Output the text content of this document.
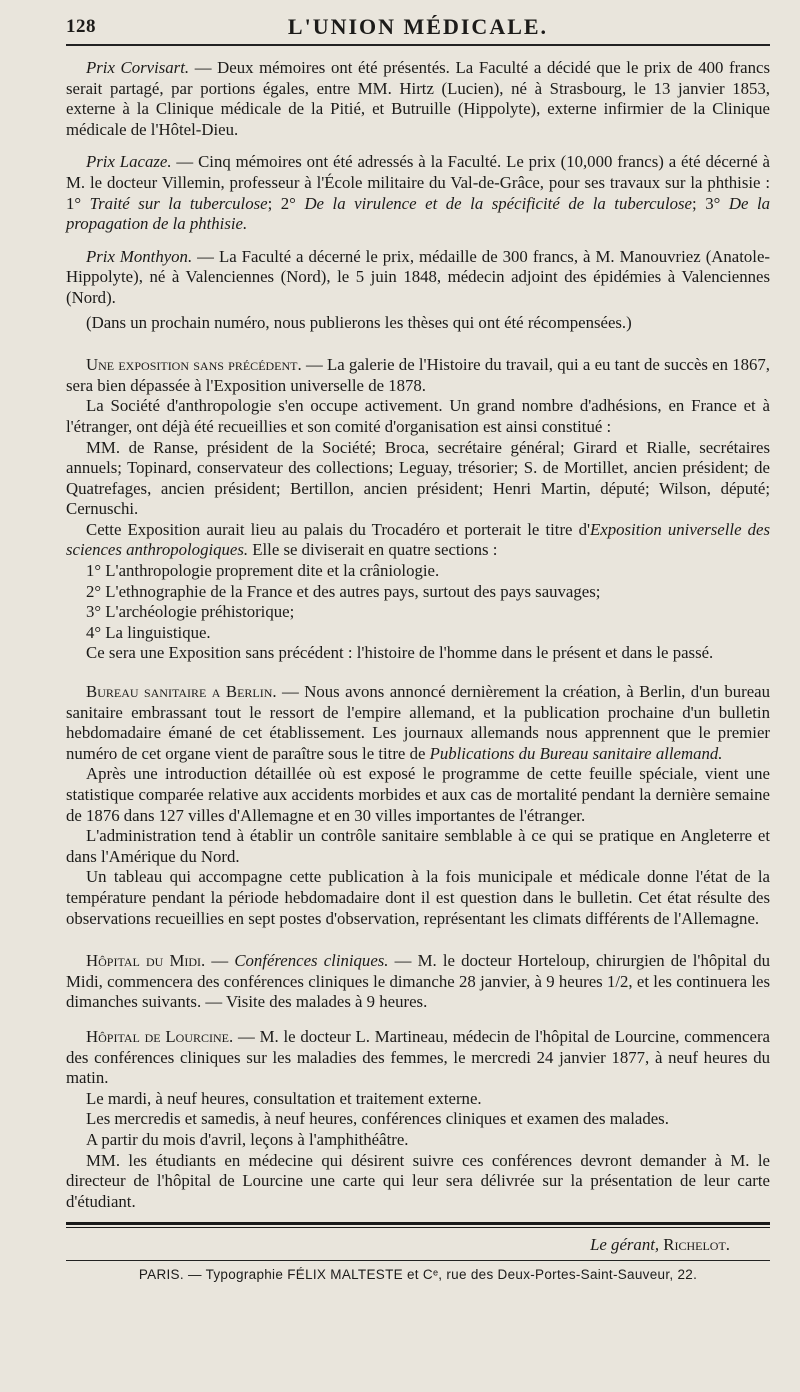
128	L'UNION MÉDICALE.

Prix Corvisart. — Deux mémoires ont été présentés. La Faculté a décidé que le prix de 400 francs serait partagé, par portions égales, entre MM. Hirtz (Lucien), né à Strasbourg, le 13 janvier 1853, externe à la Clinique médicale de la Pitié, et Butruille (Hippolyte), externe infirmier de la Clinique médicale de l'Hôtel-Dieu.

Prix Lacaze. — Cinq mémoires ont été adressés à la Faculté. Le prix (10,000 francs) a été décerné à M. le docteur Villemin, professeur à l'École militaire du Val-de-Grâce, pour ses travaux sur la phthisie : 1° Traité sur la tuberculose; 2° De la virulence et de la spécificité de la tuberculose; 3° De la propagation de la phthisie.

Prix Monthyon. — La Faculté a décerné le prix, médaille de 300 francs, à M. Manouvriez (Anatole-Hippolyte), né à Valenciennes (Nord), le 5 juin 1848, médecin adjoint des épidémies à Valenciennes (Nord).

(Dans un prochain numéro, nous publierons les thèses qui ont été récompensées.)

Une exposition sans précédent. — La galerie de l'Histoire du travail, qui a eu tant de succès en 1867, sera bien dépassée à l'Exposition universelle de 1878.

La Société d'anthropologie s'en occupe activement. Un grand nombre d'adhésions, en France et à l'étranger, ont déjà été recueillies et son comité d'organisation est ainsi constitué :

MM. de Ranse, président de la Société; Broca, secrétaire général; Girard et Rialle, secrétaires annuels; Topinard, conservateur des collections; Leguay, trésorier; S. de Mortillet, ancien président; de Quatrefages, ancien président; Bertillon, ancien président; Henri Martin, député; Wilson, député; Cernuschi.

Cette Exposition aurait lieu au palais du Trocadéro et porterait le titre d'Exposition universelle des sciences anthropologiques. Elle se diviserait en quatre sections :

1° L'anthropologie proprement dite et la crâniologie.

2° L'ethnographie de la France et des autres pays, surtout des pays sauvages;

3° L'archéologie préhistorique;

4° La linguistique.

Ce sera une Exposition sans précédent : l'histoire de l'homme dans le présent et dans le passé.

Bureau sanitaire a Berlin. — Nous avons annoncé dernièrement la création, à Berlin, d'un bureau sanitaire embrassant tout le ressort de l'empire allemand, et la publication prochaine d'un bulletin hebdomadaire émané de cet établissement. Les journaux allemands nous apprennent que le premier numéro de cet organe vient de paraître sous le titre de Publications du Bureau sanitaire allemand.

Après une introduction détaillée où est exposé le programme de cette feuille spéciale, vient une statistique comparée relative aux accidents morbides et aux cas de mortalité pendant la dernière semaine de 1876 dans 127 villes d'Allemagne et en 30 villes importantes de l'étranger.

L'administration tend à établir un contrôle sanitaire semblable à ce qui se pratique en Angleterre et dans l'Amérique du Nord.

Un tableau qui accompagne cette publication à la fois municipale et médicale donne l'état de la température pendant la période hebdomadaire dont il est question dans le bulletin. Cet état résulte des observations recueillies en sept postes d'observation, représentant les climats différents de l'Allemagne.

Hôpital du Midi. — Conférences cliniques. — M. le docteur Horteloup, chirurgien de l'hôpital du Midi, commencera des conférences cliniques le dimanche 28 janvier, à 9 heures 1/2, et les continuera les dimanches suivants. — Visite des malades à 9 heures.

Hôpital de Lourcine. — M. le docteur L. Martineau, médecin de l'hôpital de Lourcine, commencera des conférences cliniques sur les maladies des femmes, le mercredi 24 janvier 1877, à neuf heures du matin.

Le mardi, à neuf heures, consultation et traitement externe.

Les mercredis et samedis, à neuf heures, conférences cliniques et examen des malades.

A partir du mois d'avril, leçons à l'amphithéâtre.

MM. les étudiants en médecine qui désirent suivre ces conférences devront demander à M. le directeur de l'hôpital de Lourcine une carte qui leur sera délivrée sur la présentation de leur carte d'étudiant.

Le gérant, Richelot.
PARIS. — Typographie FÉLIX MALTESTE et Cᵉ, rue des Deux-Portes-Saint-Sauveur, 22.
